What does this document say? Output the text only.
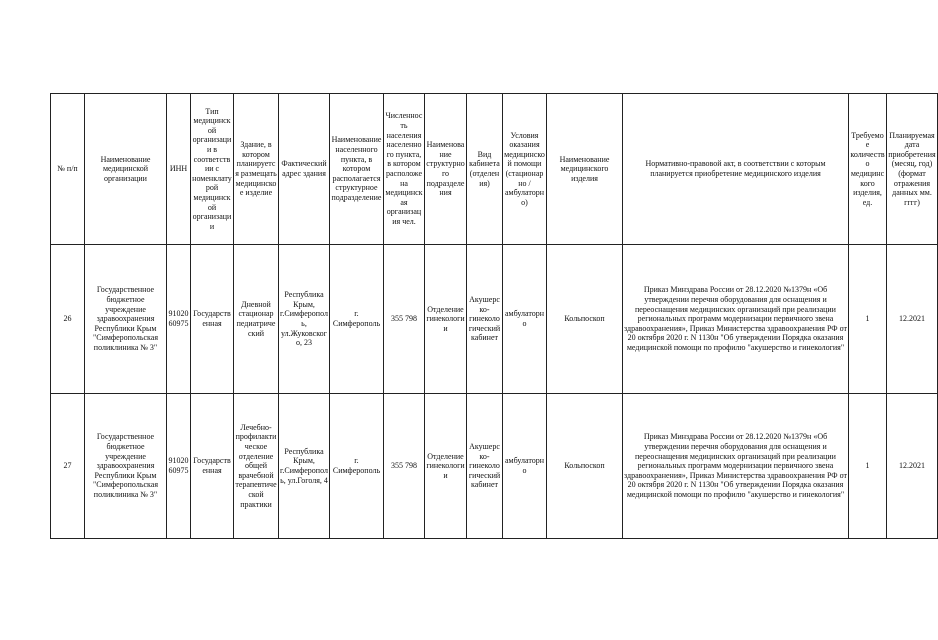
№ п/п	Наименование медицинской организации	ИНН	Тип медицинской организации в соответствии с номенклатурой медицинской организации	Здание, в котором планируется размещать медицинское изделие	Фактический адрес здания	Наименование населенного пункта, в котором располагается структурное подразделение	Численность населения населенного пункта, в котором расположена медицинская организация чел.	Наименование структурного подразделения	Вид кабинета (отделения)	Условия оказания медицинской помощи (стационарно / амбулаторно)	Наименование медицинского изделия	Нормативно-правовой акт, в соответствии с которым планируется приобретение медицинского изделия	Требуемое количество медицинского изделия, ед.	Планируемая дата приобретения (месяц, год) (формат отражения данных мм. гггг)
26	Государственное бюджетное учреждение здравоохранения Республики Крым "Симферопольская поликлиника № 3"	9102060975	Государственная	Дневной стационар педиатрический	Республика Крым, г.Симферополь, ул.Жуковского, 23	г. Симферополь	355 798	Отделение гинекологии	Акушерско-гинекологический кабинет	амбулаторно	Кольпоскоп	Приказ Минздрава России от 28.12.2020 №1379н «Об утверждении перечня оборудования для оснащения и переоснащения медицинских организаций при реализации региональных программ модернизации первичного звена здравоохранения», Приказ Министерства здравоохранения РФ от 20 октября 2020 г. N 1130н "Об утверждении Порядка оказания медицинской помощи по профилю "акушерство и гинекология"	1	12.2021
27	Государственное бюджетное учреждение здравоохранения Республики Крым "Симферопольская поликлиника № 3"	9102060975	Государственная	Лечебно-профилактическое отделение общей врачебной терапевтической практики	Республика Крым, г.Симферополь, ул.Гоголя, 4	г. Симферополь	355 798	Отделение гинекологии	Акушерско-гинекологический кабинет	амбулаторно	Кольпоскоп	Приказ Минздрава России от 28.12.2020 №1379н «Об утверждении перечня оборудования для оснащения и переоснащения медицинских организаций при реализации региональных программ модернизации первичного звена здравоохранения», Приказ Министерства здравоохранения РФ от 20 октября 2020 г. N 1130н "Об утверждении Порядка оказания медицинской помощи по профилю "акушерство и гинекология"	1	12.2021
